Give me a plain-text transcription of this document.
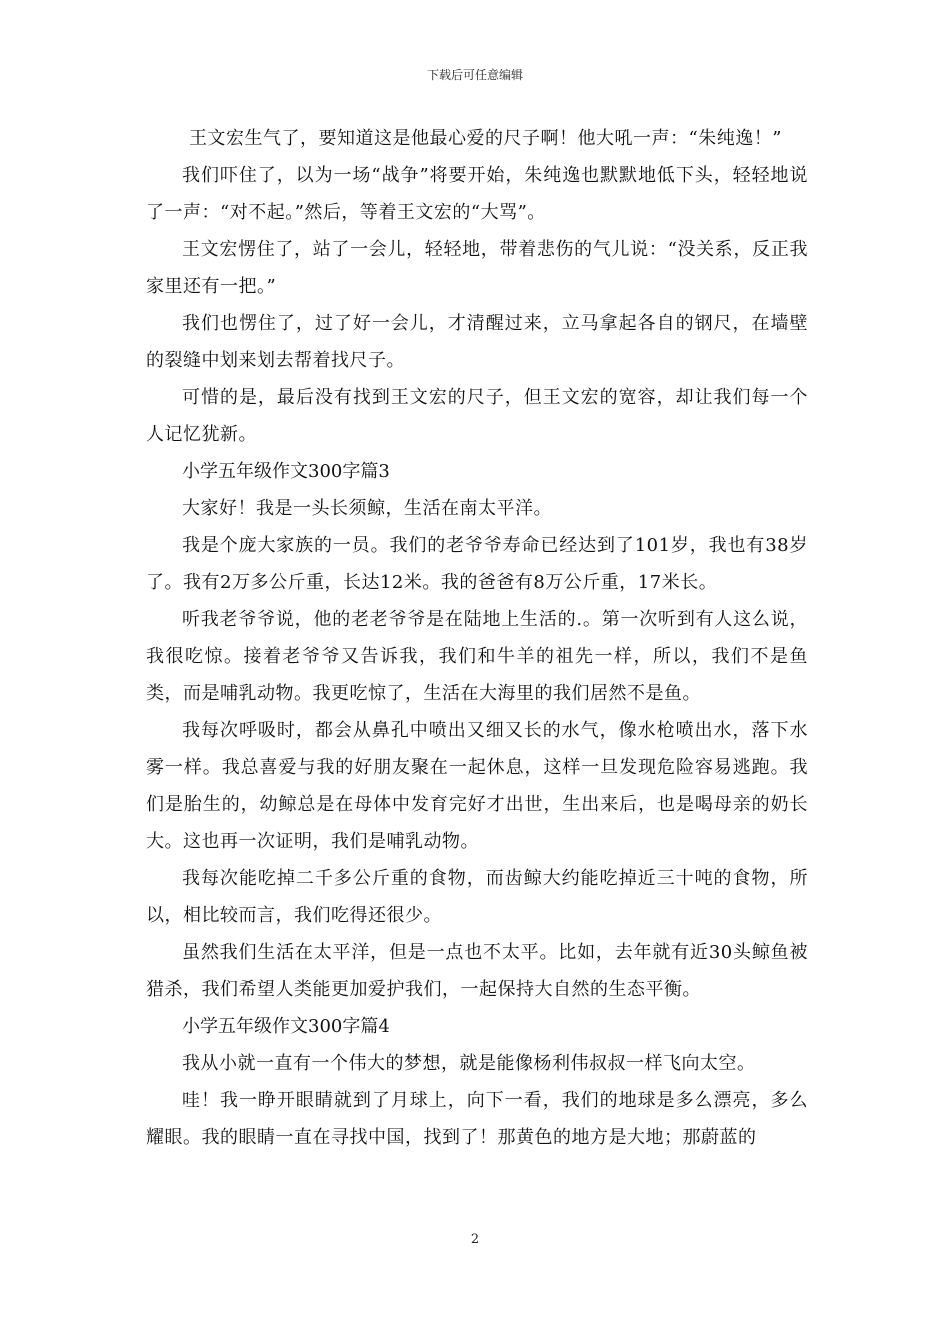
下载后可任意编辑

王文宏生气了，要知道这是他最心爱的尺子啊！他大吼一声：“朱纯逸！”

我们吓住了，以为一场“战争”将要开始，朱纯逸也默默地低下头，轻轻地说了一声：“对不起。”然后，等着王文宏的“大骂”。

王文宏愣住了，站了一会儿，轻轻地，带着悲伤的气儿说：“没关系，反正我家里还有一把。”

我们也愣住了，过了好一会儿，才清醒过来，立马拿起各自的钢尺，在墙壁的裂缝中划来划去帮着找尺子。

可惜的是，最后没有找到王文宏的尺子，但王文宏的宽容，却让我们每一个人记忆犹新。

小学五年级作文300字篇3

大家好！我是一头长须鲸，生活在南太平洋。

我是个庞大家族的一员。我们的老爷爷寿命已经达到了101岁，我也有38岁了。我有2万多公斤重，长达12米。我的爸爸有8万公斤重，17米长。

听我老爷爷说，他的老老爷爷是在陆地上生活的.。第一次听到有人这么说，我很吃惊。接着老爷爷又告诉我，我们和牛羊的祖先一样，所以，我们不是鱼类，而是哺乳动物。我更吃惊了，生活在大海里的我们居然不是鱼。

我每次呼吸时，都会从鼻孔中喷出又细又长的水气，像水枪喷出水，落下水雾一样。我总喜爱与我的好朋友聚在一起休息，这样一旦发现危险容易逃跑。我们是胎生的，幼鲸总是在母体中发育完好才出世，生出来后，也是喝母亲的奶长大。这也再一次证明，我们是哺乳动物。

我每次能吃掉二千多公斤重的食物，而齿鲸大约能吃掉近三十吨的食物，所以，相比较而言，我们吃得还很少。

虽然我们生活在太平洋，但是一点也不太平。比如，去年就有近30头鲸鱼被猎杀，我们希望人类能更加爱护我们，一起保持大自然的生态平衡。

小学五年级作文300字篇4

我从小就一直有一个伟大的梦想，就是能像杨利伟叔叔一样飞向太空。

哇！我一睁开眼睛就到了月球上，向下一看，我们的地球是多么漂亮，多么耀眼。我的眼睛一直在寻找中国，找到了！那黄色的地方是大地；那蔚蓝的

2
